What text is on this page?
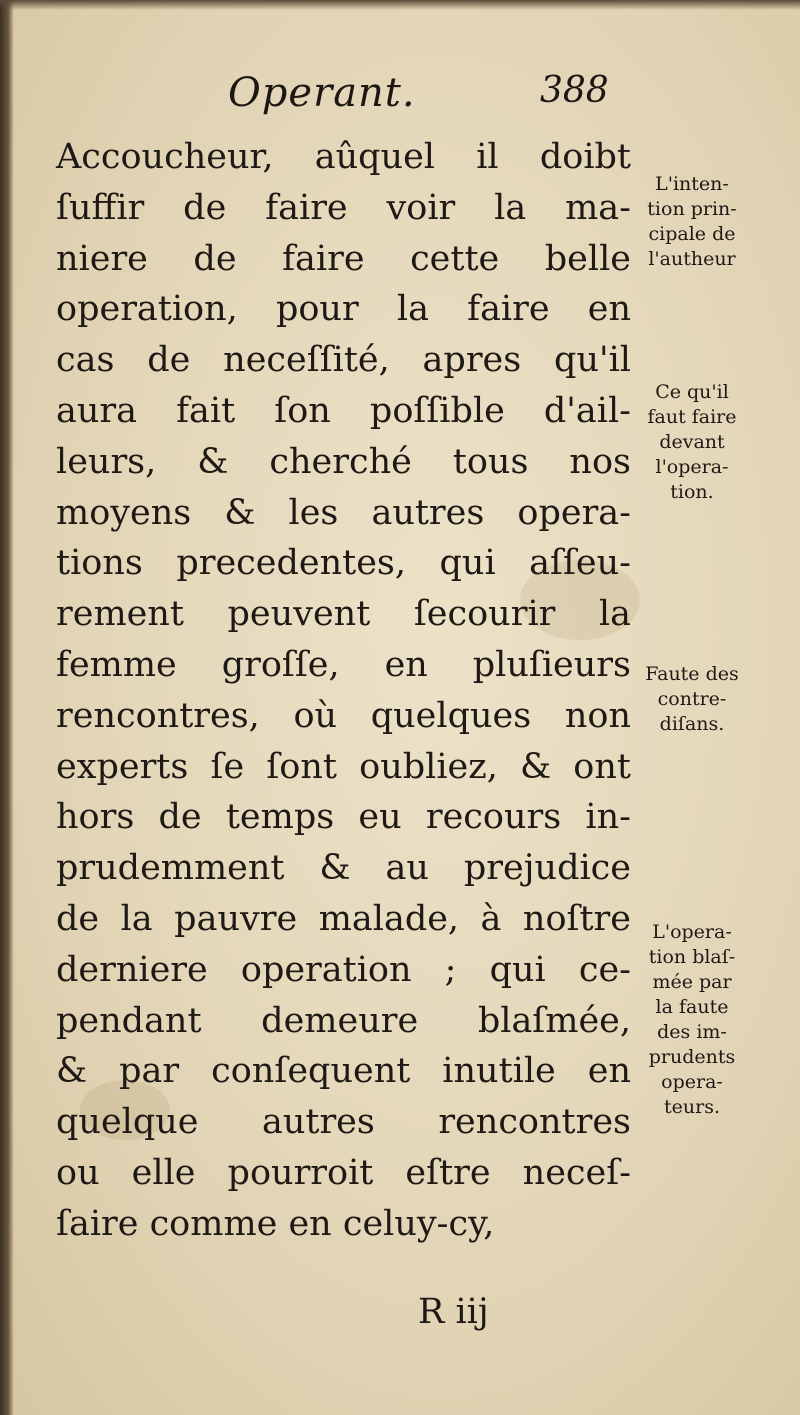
Operant.	388
Accoucheur, aûquel il doibt
ſuffir de faire voir la ma-
niere de faire cette belle
operation, pour la faire en
cas de neceſſité, apres qu'il
aura fait ſon poſſible d'ail-
leurs, & cherché tous nos
moyens & les autres opera-
tions precedentes, qui aſſeu-
rement peuvent ſecourir la
femme groſſe, en pluſieurs
rencontres, où quelques non
experts ſe ſont oubliez, & ont
hors de temps eu recours in-
prudemment & au prejudice
de la pauvre malade, à noſtre
derniere operation ; qui ce-
pendant demeure blaſmée,
& par conſequent inutile en
quelque autres rencontres
ou elle pourroit eſtre neceſ-
ſaire comme en celuy-cy,
L'inten-
tion prin-
cipale de
l'autheur
Ce qu'il
faut faire
devant
l'opera-
tion.
Faute des
contre-
diſans.
L'opera-
tion blaſ-
mée par
la faute
des im-
prudents
opera-
teurs.
R iij
